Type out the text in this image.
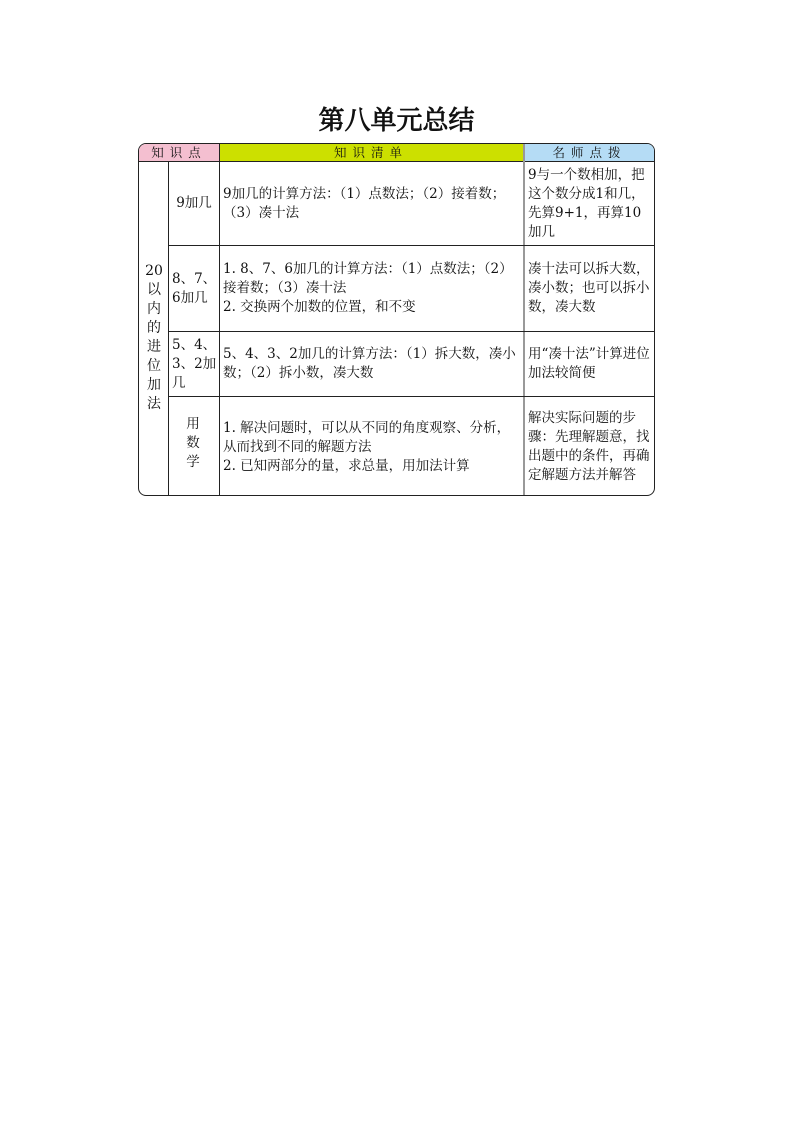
第八单元总结
知识点	知识清单	名师点拨
20以内的进位加法
9加几
9加几的计算方法：（1）点数法；（2）接着数；（3）凑十法
9与一个数相加，把这个数分成1和几，先算9+1，再算10加几
8、7、6加几
1. 8、7、6加几的计算方法：（1）点数法；（2）接着数；（3）凑十法
2. 交换两个加数的位置，和不变
凑十法可以拆大数，凑小数；也可以拆小数，凑大数
5、4、3、2加几
5、4、3、2加几的计算方法：（1）拆大数，凑小数；（2）拆小数，凑大数
用“凑十法”计算进位加法较简便
用数学
1. 解决问题时，可以从不同的角度观察、分析，从而找到不同的解题方法
2. 已知两部分的量，求总量，用加法计算
解决实际问题的步骤：先理解题意，找出题中的条件，再确定解题方法并解答
